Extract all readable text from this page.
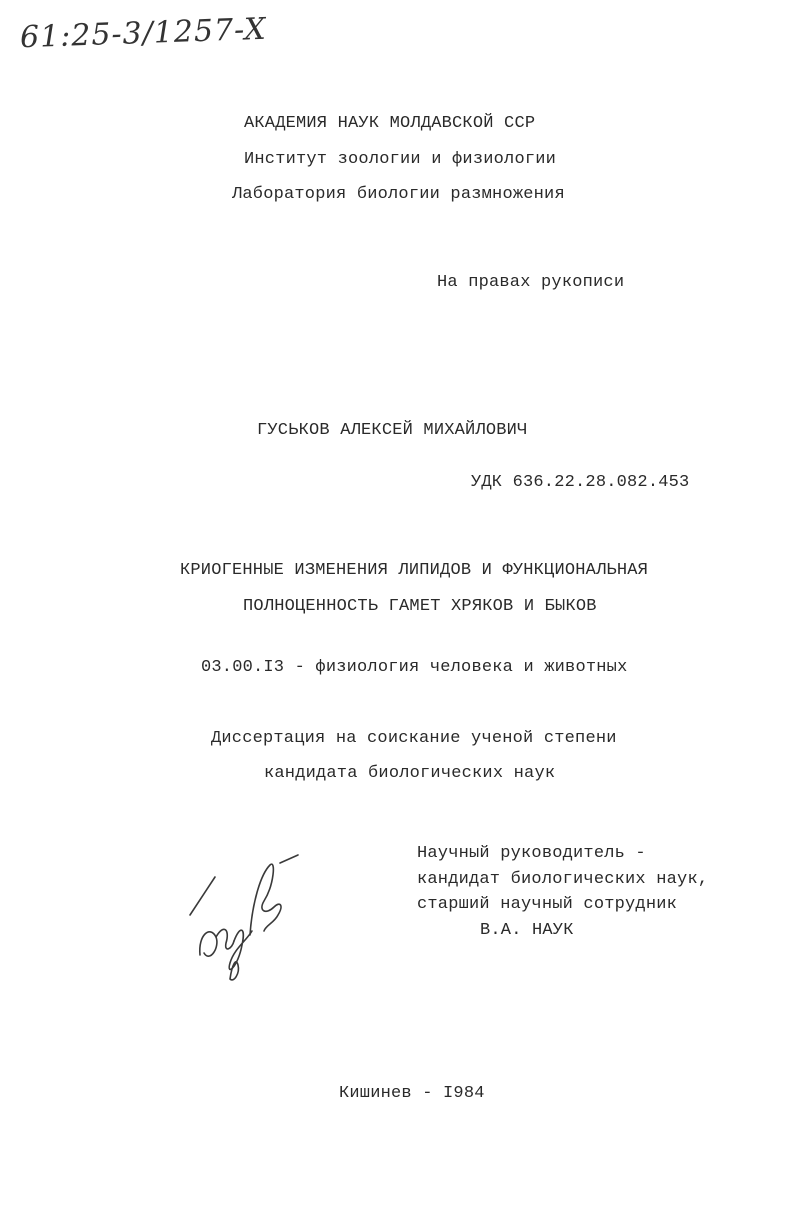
61:25-3/1257-X
АКАДЕМИЯ НАУК МОЛДАВСКОЙ ССР
Институт зоологии и физиологии
Лаборатория биологии размножения
На правах рукописи
ГУСЬКОВ АЛЕКСЕЙ МИХАЙЛОВИЧ
УДК 636.22.28.082.453
КРИОГЕННЫЕ ИЗМЕНЕНИЯ ЛИПИДОВ И ФУНКЦИОНАЛЬНАЯ
ПОЛНОЦЕННОСТЬ ГАМЕТ ХРЯКОВ И БЫКОВ
03.00.I3 - физиология человека и животных
Диссертация на соискание ученой степени
кандидата биологических наук
Научный руководитель -
кандидат биологических наук,
старший научный сотрудник
В.А. НАУК
Кишинев - I984
